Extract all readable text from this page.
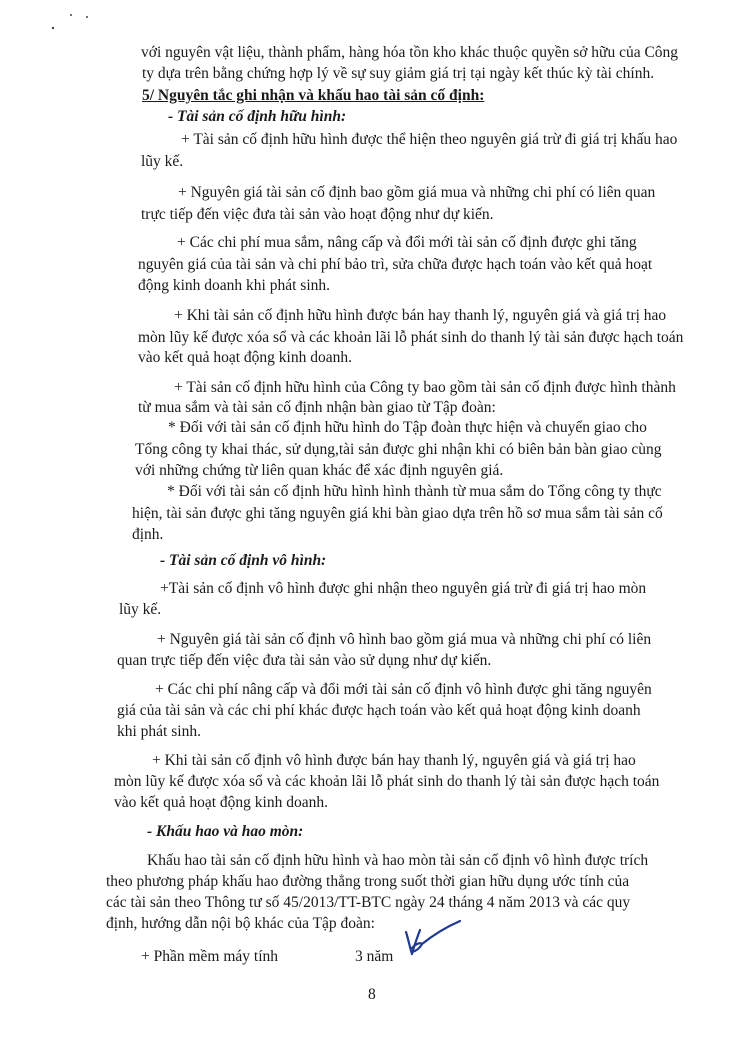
với nguyên vật liệu, thành phẩm, hàng hóa tồn kho khác thuộc quyền sở hữu của Công
ty dựa trên bằng chứng hợp lý về sự suy giảm giá trị tại ngày kết thúc kỳ tài chính.
5/ Nguyên tắc ghi nhận và khấu hao tài sản cố định:
- Tài sản cố định hữu hình:
+ Tài sản cố định hữu hình được thể hiện theo nguyên giá trừ đi giá trị khấu hao
lũy kế.
+ Nguyên giá tài sản cố định bao gồm giá mua và những chi phí có liên quan
trực tiếp đến việc đưa tài sản vào hoạt động như dự kiến.
+ Các chi phí mua sắm, nâng cấp và đổi mới tài sản cố định được ghi tăng
nguyên giá của tài sản và chi phí bảo trì, sửa chữa được hạch toán vào kết quả hoạt
động kinh doanh khi phát sinh.
+ Khi tài sản cố định hữu hình được bán hay thanh lý, nguyên giá và giá trị hao
mòn lũy kế được xóa sổ và các khoản lãi lỗ phát sinh do thanh lý tài sản được hạch toán
vào kết quả hoạt động kinh doanh.
+ Tài sản cố định hữu hình của Công ty bao gồm tài sản cố định được hình thành
từ mua sắm và tài sản cố định nhận bàn giao từ Tập đoàn:
* Đối với tài sản cố định hữu hình do Tập đoàn thực hiện và chuyển giao cho
Tổng công ty khai thác, sử dụng,tài sản được ghi nhận khi có biên bản bàn giao cùng
với những chứng từ liên quan khác để xác định nguyên giá.
* Đối với tài sản cố định hữu hình hình thành từ mua sắm do Tổng công ty thực
hiện, tài sản được ghi tăng nguyên giá khi bàn giao dựa trên hồ sơ mua sắm tài sản cố
định.
- Tài sản cố định vô hình:
+Tài sản cố định vô hình được ghi nhận theo nguyên giá trừ đi giá trị hao mòn
lũy kế.
+ Nguyên giá tài sản cố định vô hình bao gồm giá mua và những chi phí có liên
quan trực tiếp đến việc đưa tài sản vào sử dụng như dự kiến.
+ Các chi phí nâng cấp và đổi mới tài sản cố định vô hình được ghi tăng nguyên
giá của tài sản và các chi phí khác được hạch toán vào kết quả hoạt động kinh doanh
khi phát sinh.
+ Khi tài sản cố định vô hình được bán hay thanh lý, nguyên giá và giá trị hao
mòn lũy kế được xóa sổ và các khoản lãi lỗ phát sinh do thanh lý tài sản được hạch toán
vào kết quả hoạt động kinh doanh.
- Khấu hao và hao mòn:
Khấu hao tài sản cố định hữu hình và hao mòn tài sản cố định vô hình được trích
theo phương pháp khấu hao đường thẳng trong suốt thời gian hữu dụng ước tính của
các tài sản theo Thông tư số 45/2013/TT-BTC ngày 24 tháng 4 năm 2013 và các quy
định, hướng dẫn nội bộ khác của Tập đoàn:
+ Phần mềm máy tính	3 năm
8
